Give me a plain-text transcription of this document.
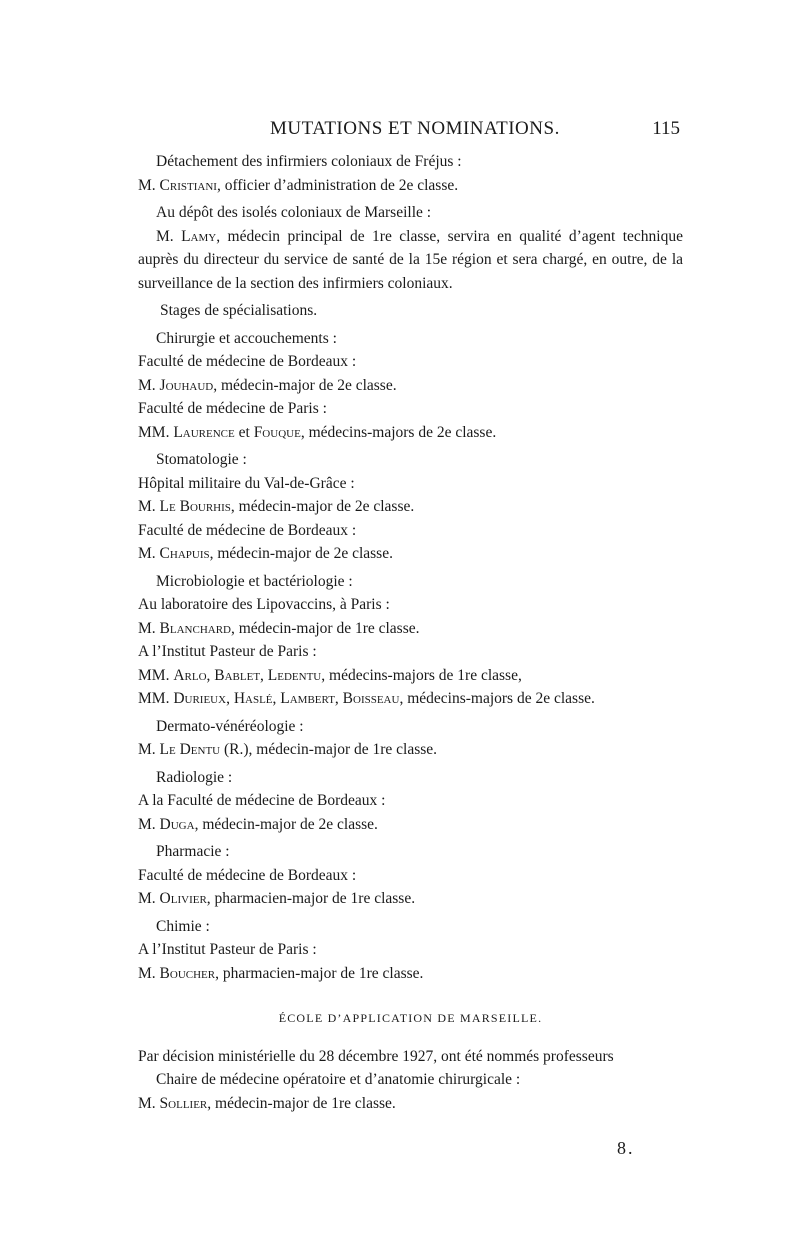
MUTATIONS ET NOMINATIONS.	115
Détachement des infirmiers coloniaux de Fréjus :
M. Cristiani, officier d’administration de 2e classe.
Au dépôt des isolés coloniaux de Marseille :
M. Lamy, médecin principal de 1re classe, servira en qualité d’agent technique auprès du directeur du service de santé de la 15e région et sera chargé, en outre, de la surveillance de la section des infirmiers coloniaux.
Stages de spécialisations.
Chirurgie et accouchements :
Faculté de médecine de Bordeaux :
M. Jouhaud, médecin-major de 2e classe.
Faculté de médecine de Paris :
MM. Laurence et Fouque, médecins-majors de 2e classe.
Stomatologie :
Hôpital militaire du Val-de-Grâce :
M. Le Bourhis, médecin-major de 2e classe.
Faculté de médecine de Bordeaux :
M. Chapuis, médecin-major de 2e classe.
Microbiologie et bactériologie :
Au laboratoire des Lipovaccins, à Paris :
M. Blanchard, médecin-major de 1re classe.
A l’Institut Pasteur de Paris :
MM. Arlo, Bablet, Ledentu, médecins-majors de 1re classe,
MM. Durieux, Haslé, Lambert, Boisseau, médecins-majors de 2e classe.
Dermato-vénéréologie :
M. Le Dentu (R.), médecin-major de 1re classe.
Radiologie :
A la Faculté de médecine de Bordeaux :
M. Duga, médecin-major de 2e classe.
Pharmacie :
Faculté de médecine de Bordeaux :
M. Olivier, pharmacien-major de 1re classe.
Chimie :
A l’Institut Pasteur de Paris :
M. Boucher, pharmacien-major de 1re classe.
ÉCOLE D’APPLICATION DE MARSEILLE.
Par décision ministérielle du 28 décembre 1927, ont été nommés professeurs
Chaire de médecine opératoire et d’anatomie chirurgicale :
M. Sollier, médecin-major de 1re classe.
8.
